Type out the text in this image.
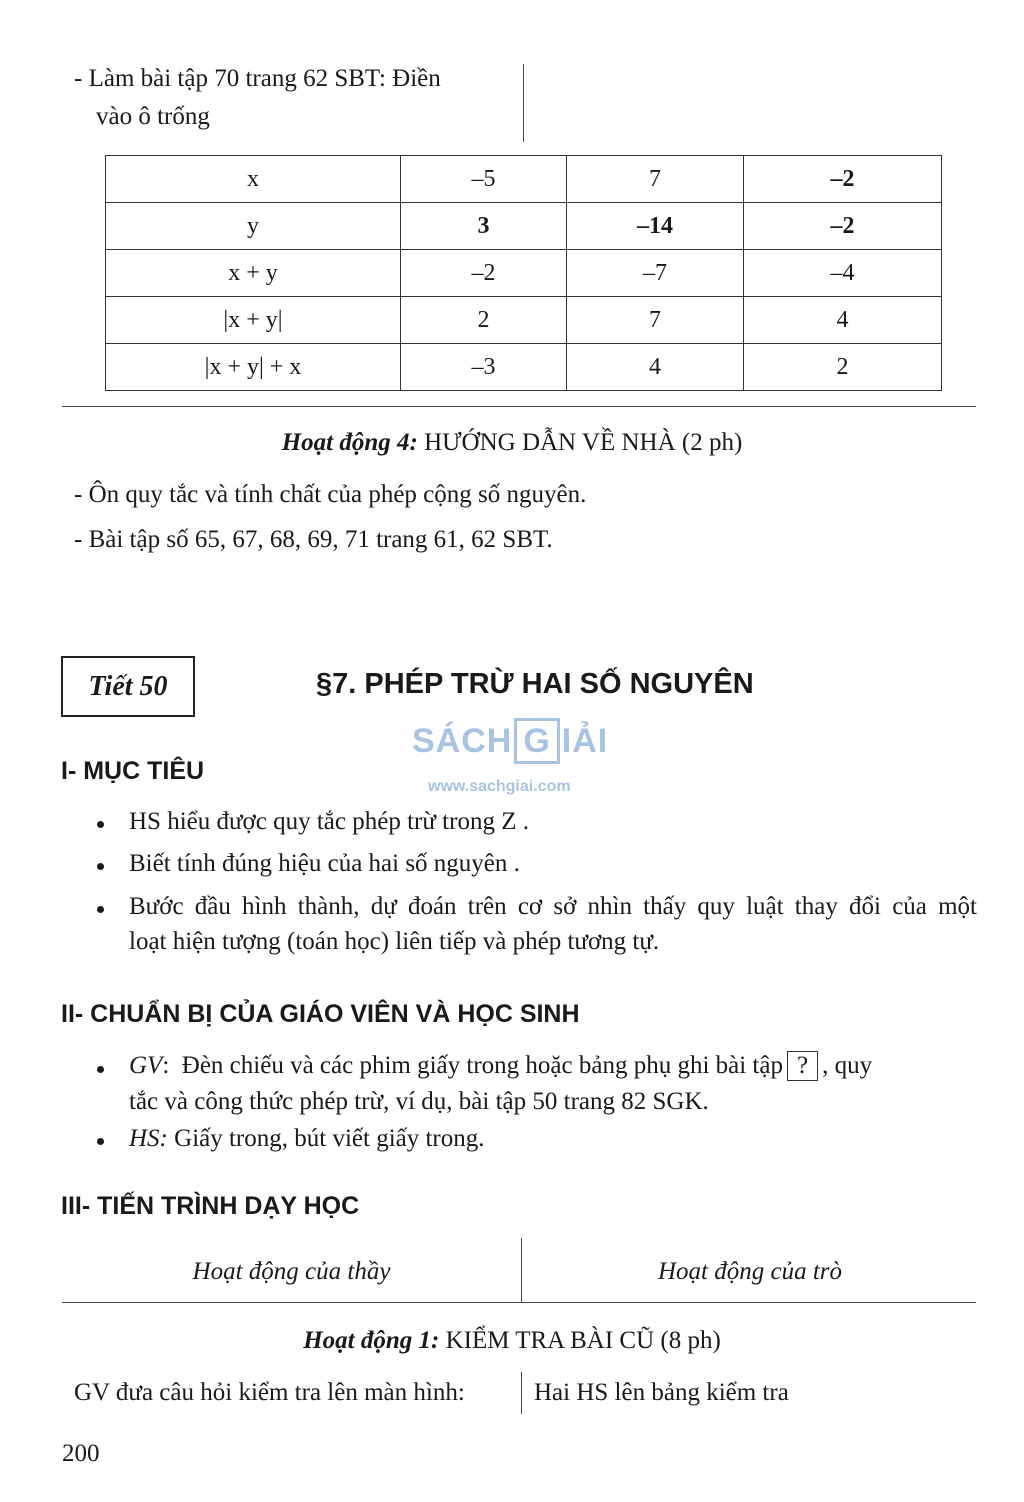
- Làm bài tập 70 trang 62 SBT: Điền
vào ô trống
x	–5	7	–2
y	3	–14	–2
x + y	–2	–7	–4
|x + y|	2	7	4
|x + y| + x	–3	4	2
Hoạt động 4: HƯỚNG DẪN VỀ NHÀ (2 ph)
- Ôn quy tắc và tính chất của phép cộng số nguyên.
- Bài tập số 65, 67, 68, 69, 71 trang 61, 62 SBT.
Tiết 50	§7. PHÉP TRỪ HAI SỐ NGUYÊN
SÁCH G IẢI
www.sachgiai.com
I- MỤC TIÊU
HS hiểu được quy tắc phép trừ trong Z .
Biết tính đúng hiệu của hai số nguyên .
Bước đầu hình thành, dự đoán trên cơ sở nhìn thấy quy luật thay đổi của một
loạt hiện tượng (toán học) liên tiếp và phép tương tự.
II- CHUẨN BỊ CỦA GIÁO VIÊN VÀ HỌC SINH
GV :  Đèn chiếu và các phim giấy trong hoặc bảng phụ ghi bài tập ? , quy
tắc và công thức phép trừ, ví dụ, bài tập 50 trang 82 SGK.
HS: Giấy trong, bút viết giấy trong.
III- TIẾN TRÌNH DẠY HỌC
Hoạt động của thầy	Hoạt động của trò
Hoạt động 1: KIỂM TRA BÀI CŨ (8 ph)
GV đưa câu hỏi kiểm tra lên màn hình:	Hai HS lên bảng kiểm tra
200
